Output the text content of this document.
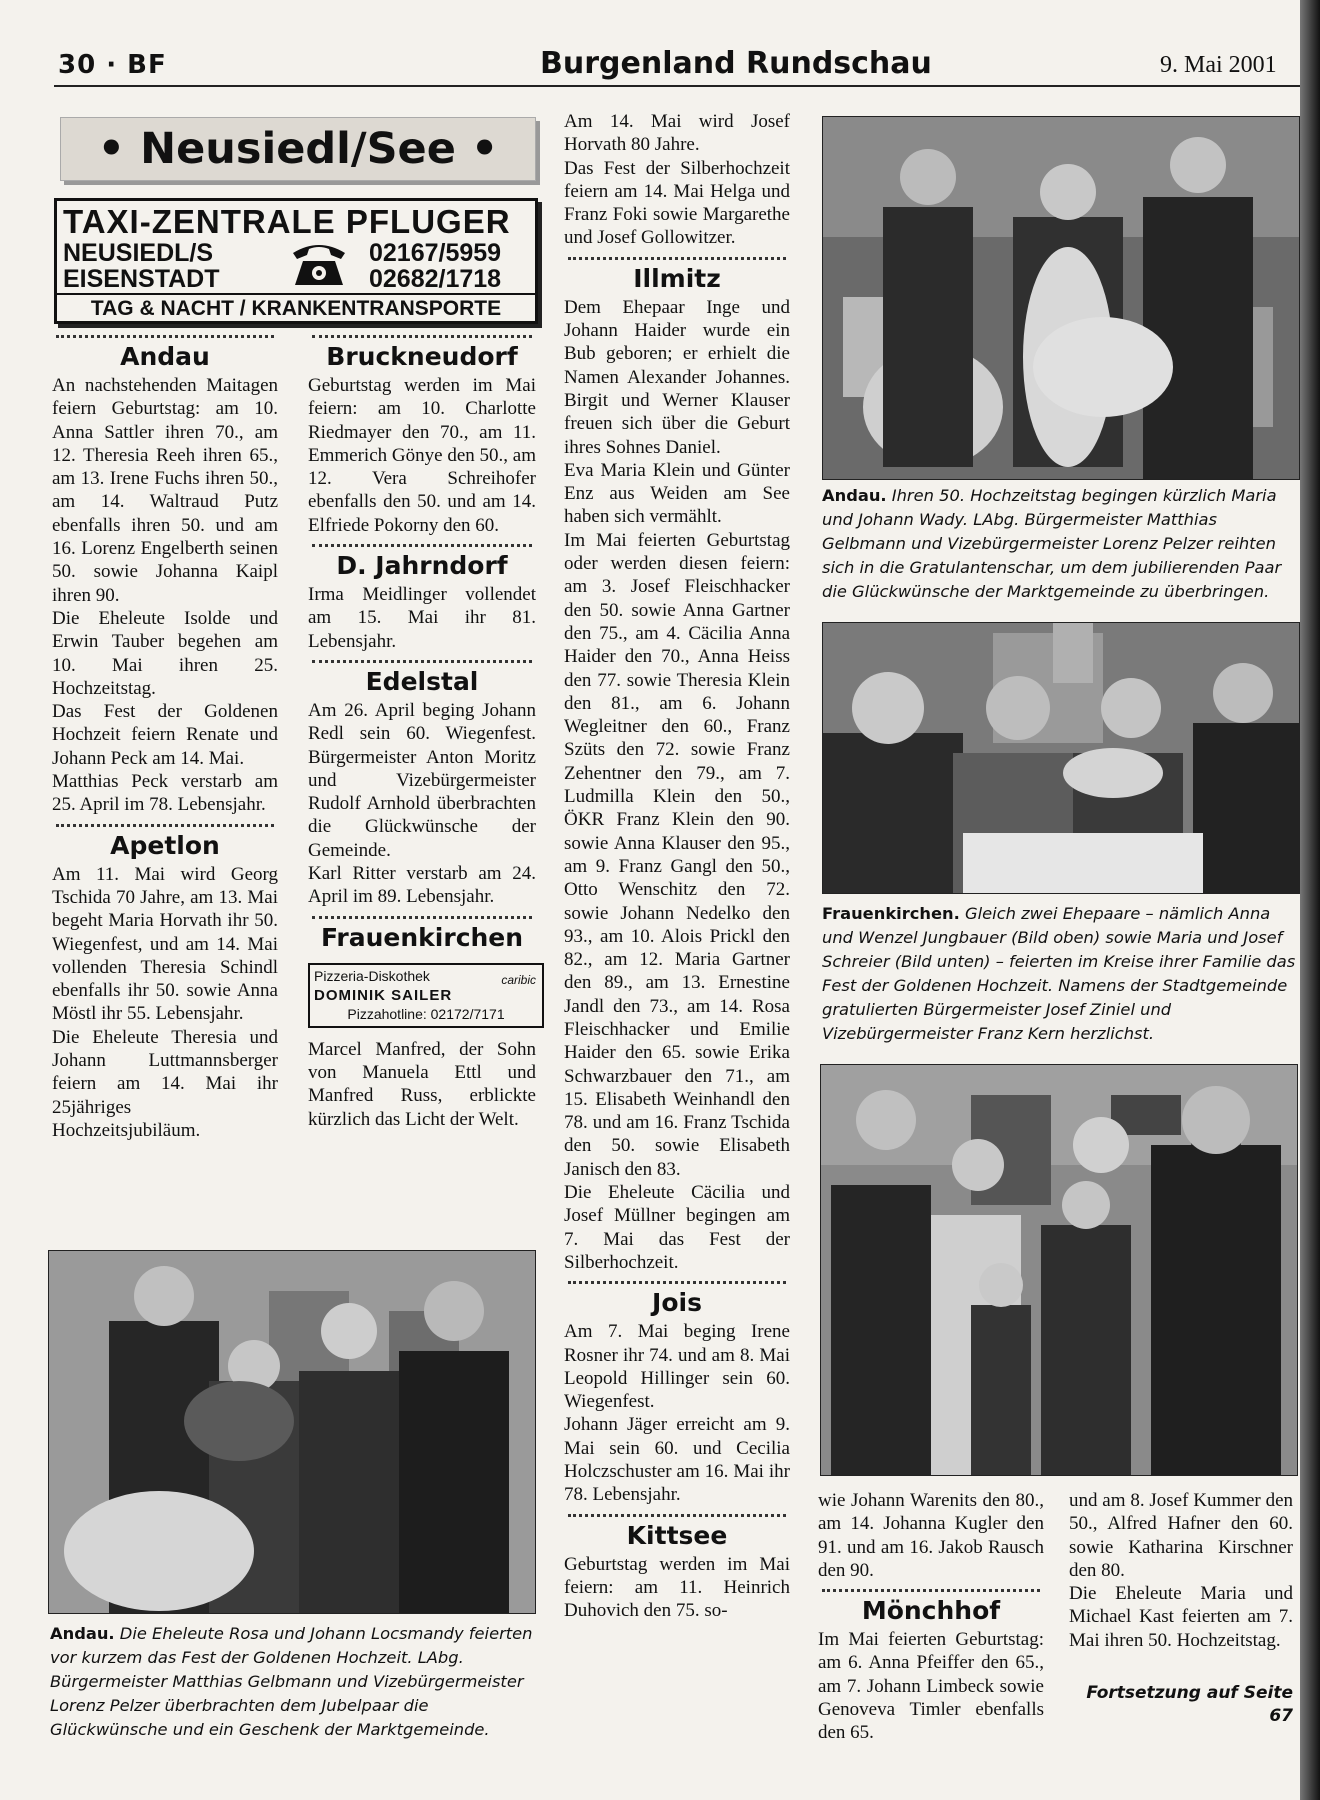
30 · BF	Burgenland Rundschau	9. Mai 2001
• Neusiedl/See •
TAXI-ZENTRALE PFLUGER
NEUSIEDL/S	02167/5959
EISENSTADT	02682/1718
TAG & NACHT / KRANKENTRANSPORTE
Andau

An nachstehenden Maitagen feiern Geburtstag: am 10. Anna Sattler ihren 70., am 12. Theresia Reeh ihren 65., am 13. Irene Fuchs ihren 50., am 14. Waltraud Putz ebenfalls ihren 50. und am 16. Lorenz Engelberth seinen 50. sowie Johanna Kaipl ihren 90.

Die Eheleute Isolde und Erwin Tauber begehen am 10. Mai ihren 25. Hochzeitstag.

Das Fest der Goldenen Hochzeit feiern Renate und Johann Peck am 14. Mai.

Matthias Peck verstarb am 25. April im 78. Lebensjahr.

Apetlon

Am 11. Mai wird Georg Tschida 70 Jahre, am 13. Mai begeht Maria Horvath ihr 50. Wiegenfest, und am 14. Mai vollenden Theresia Schindl ebenfalls ihr 50. sowie Anna Möstl ihr 55. Lebensjahr.

Die Eheleute Theresia und Johann Luttmannsberger feiern am 14. Mai ihr 25jähriges Hochzeitsjubiläum.

Bruckneudorf

Geburtstag werden im Mai feiern: am 10. Charlotte Riedmayer den 70., am 11. Emmerich Gönye den 50., am 12. Vera Schreihofer ebenfalls den 50. und am 14. Elfriede Pokorny den 60.

D. Jahrndorf

Irma Meidlinger vollendet am 15. Mai ihr 81. Lebensjahr.

Edelstal

Am 26. April beging Johann Redl sein 60. Wiegenfest. Bürgermeister Anton Moritz und Vizebürgermeister Rudolf Arnhold überbrachten die Glückwünsche der Gemeinde.

Karl Ritter verstarb am 24. April im 89. Lebensjahr.

Frauenkirchen
Pizzeria-Diskothek
DOMINIK SAILER
Pizzahotline: 02172/7171
caribic

Marcel Manfred, der Sohn von Manuela Ettl und Manfred Russ, erblickte kürzlich das Licht der Welt.

Am 14. Mai wird Josef Horvath 80 Jahre.

Das Fest der Silberhochzeit feiern am 14. Mai Helga und Franz Foki sowie Margarethe und Josef Gollowitzer.

Illmitz

Dem Ehepaar Inge und Johann Haider wurde ein Bub geboren; er erhielt die Namen Alexander Johannes. Birgit und Werner Klauser freuen sich über die Geburt ihres Sohnes Daniel.

Eva Maria Klein und Günter Enz aus Weiden am See haben sich vermählt.

Im Mai feierten Geburtstag oder werden diesen feiern: am 3. Josef Fleischhacker den 50. sowie Anna Gartner den 75., am 4. Cäcilia Anna Haider den 70., Anna Heiss den 77. sowie Theresia Klein den 81., am 6. Johann Wegleitner den 60., Franz Szüts den 72. sowie Franz Zehentner den 79., am 7. Ludmilla Klein den 50., ÖKR Franz Klein den 90. sowie Anna Klauser den 95., am 9. Franz Gangl den 50., Otto Wenschitz den 72. sowie Johann Nedelko den 93., am 10. Alois Prickl den 82., am 12. Maria Gartner den 89., am 13. Ernestine Jandl den 73., am 14. Rosa Fleischhacker und Emilie Haider den 65. sowie Erika Schwarzbauer den 71., am 15. Elisabeth Weinhandl den 78. und am 16. Franz Tschida den 50. sowie Elisabeth Janisch den 83.

Die Eheleute Cäcilia und Josef Müllner begingen am 7. Mai das Fest der Silberhochzeit.

Jois

Am 7. Mai beging Irene Rosner ihr 74. und am 8. Mai Leopold Hillinger sein 60. Wiegenfest.

Johann Jäger erreicht am 9. Mai sein 60. und Cecilia Holczschuster am 16. Mai ihr 78. Lebensjahr.

Kittsee

Geburtstag werden im Mai feiern: am 11. Heinrich Duhovich den 75. so-

Andau. Ihren 50. Hochzeitstag begingen kürzlich Maria und Johann Wady. LAbg. Bürgermeister Matthias Gelbmann und Vizebürgermeister Lorenz Pelzer reihten sich in die Gratulantenschar, um dem jubilierenden Paar die Glückwünsche der Marktgemeinde zu überbringen.
Frauenkirchen. Gleich zwei Ehepaare – nämlich Anna und Wenzel Jungbauer (Bild oben) sowie Maria und Josef Schreier (Bild unten) – feierten im Kreise ihrer Familie das Fest der Goldenen Hochzeit. Namens der Stadtgemeinde gratulierten Bürgermeister Josef Ziniel und Vizebürgermeister Franz Kern herzlichst.

wie Johann Warenits den 80., am 14. Johanna Kugler den 91. und am 16. Jakob Rausch den 90.

Mönchhof

Im Mai feierten Geburtstag: am 6. Anna Pfeiffer den 65., am 7. Johann Limbeck sowie Genoveva Timler ebenfalls den 65.

und am 8. Josef Kummer den 50., Alfred Hafner den 60. sowie Katharina Kirschner den 80.

Die Eheleute Maria und Michael Kast feierten am 7. Mai ihren 50. Hochzeitstag.

Fortsetzung auf Seite 67
Andau. Die Eheleute Rosa und Johann Locsmandy feierten vor kurzem das Fest der Goldenen Hochzeit. LAbg. Bürgermeister Matthias Gelbmann und Vizebürgermeister Lorenz Pelzer überbrachten dem Jubelpaar die Glückwünsche und ein Geschenk der Marktgemeinde.
